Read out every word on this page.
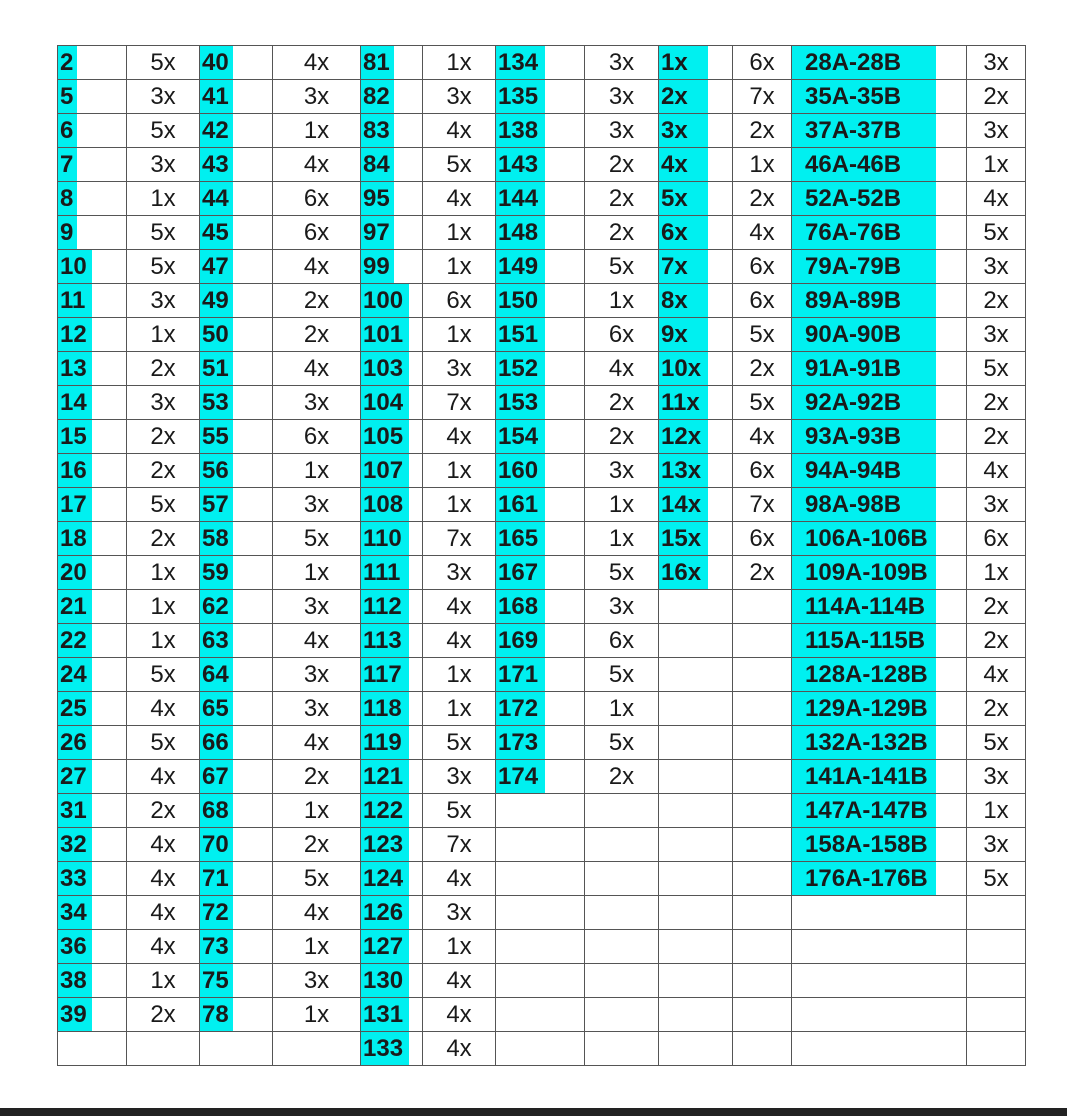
2	5x	40	4x	81	1x	134	3x	1x	6x	28A-28B	3x
5	3x	41	3x	82	3x	135	3x	2x	7x	35A-35B	2x
6	5x	42	1x	83	4x	138	3x	3x	2x	37A-37B	3x
7	3x	43	4x	84	5x	143	2x	4x	1x	46A-46B	1x
8	1x	44	6x	95	4x	144	2x	5x	2x	52A-52B	4x
9	5x	45	6x	97	1x	148	2x	6x	4x	76A-76B	5x
10	5x	47	4x	99	1x	149	5x	7x	6x	79A-79B	3x
11	3x	49	2x	100	6x	150	1x	8x	6x	89A-89B	2x
12	1x	50	2x	101	1x	151	6x	9x	5x	90A-90B	3x
13	2x	51	4x	103	3x	152	4x	10x	2x	91A-91B	5x
14	3x	53	3x	104	7x	153	2x	11x	5x	92A-92B	2x
15	2x	55	6x	105	4x	154	2x	12x	4x	93A-93B	2x
16	2x	56	1x	107	1x	160	3x	13x	6x	94A-94B	4x
17	5x	57	3x	108	1x	161	1x	14x	7x	98A-98B	3x
18	2x	58	5x	110	7x	165	1x	15x	6x	106A-106B	6x
20	1x	59	1x	111	3x	167	5x	16x	2x	109A-109B	1x
21	1x	62	3x	112	4x	168	3x			114A-114B	2x
22	1x	63	4x	113	4x	169	6x			115A-115B	2x
24	5x	64	3x	117	1x	171	5x			128A-128B	4x
25	4x	65	3x	118	1x	172	1x			129A-129B	2x
26	5x	66	4x	119	5x	173	5x			132A-132B	5x
27	4x	67	2x	121	3x	174	2x			141A-141B	3x
31	2x	68	1x	122	5x					147A-147B	1x
32	4x	70	2x	123	7x					158A-158B	3x
33	4x	71	5x	124	4x					176A-176B	5x
34	4x	72	4x	126	3x						
36	4x	73	1x	127	1x						
38	1x	75	3x	130	4x						
39	2x	78	1x	131	4x						
				133	4x						
